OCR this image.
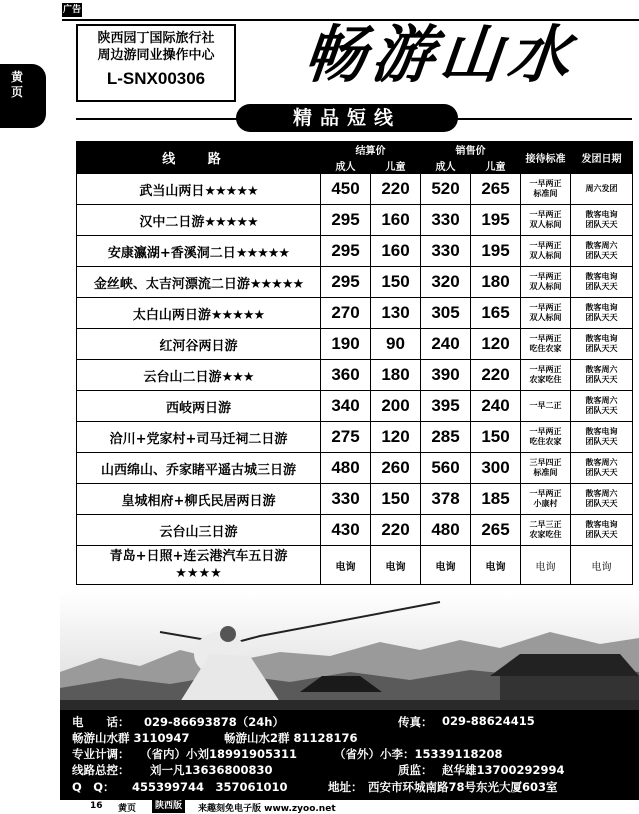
广告
黄页
陕西园丁国际旅行社
周边游同业操作中心
L-SNX00306	畅游山水
精品短线
线 路	结算价		销售价		接待标准	发团日期
	成人	儿童	成人	儿童		
武当山两日★★★★★	450	220	520	265	一早两正
标准间	周六发团

汉中二日游★★★★★	295	160	330	195	一早两正
双人标间	散客电询
团队天天
安康瀛湖+香溪洞二日★★★★★	295	160	330	195	一早两正
双人标间	散客周六
团队天天
金丝峡、太吉河漂流二日游★★★★★	295	150	320	180	一早两正
双人标间	散客电询
团队天天
太白山两日游★★★★★	270	130	305	165	一早两正
双人标间	散客电询
团队天天
红河谷两日游	190	90	240	120	一早两正
吃住农家	散客电询
团队天天
云台山二日游★★★	360	180	390	220	一早两正
农家吃住	散客周六
团队天天
西岐两日游	340	200	395	240	一早二正	散客周六
团队天天
洽川+党家村+司马迁祠二日游	275	120	285	150	一早两正
吃住农家	散客电询
团队天天
山西绵山、乔家睹平遥古城三日游	480	260	560	300	三早四正
标准间	散客周六
团队天天
皇城相府+柳氏民居两日游	330	150	378	185	一早两正
小康村	散客周六
团队天天
云台山三日游	430	220	480	265	二早三正
农家吃住	散客电询
团队天天
青岛+日照+连云港汽车五日游
★★★★	电询	电询	电询	电询	电询	电询
电　　话： 029-86693878（24h）	传真： 029-88624415
畅游山水群 3110947	畅游山水2群 81128176
专业计调： （省内）小刘18991905311	（省外）小李：15339118208
线路总控： 刘一凡13636800830	质监： 赵华雄13700292994
Q　Q： 455399744　357061010	地址： 西安市环城南路78号东光大厦603室
16 黄页	陕西版	来趣刻免电子版 www.zyoo.net
